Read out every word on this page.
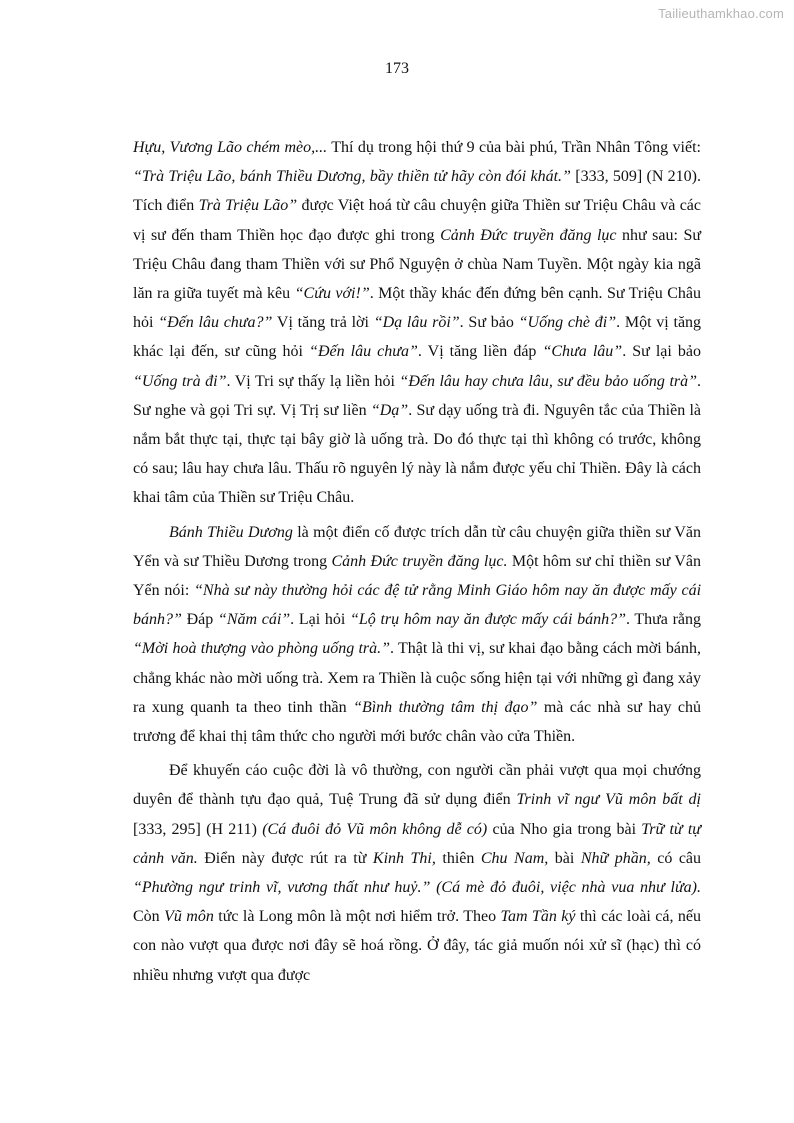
Tailieuthamkhao.com
173

Hựu, Vương Lão chém mèo,... Thí dụ trong hội thứ 9 của bài phú, Trần Nhân Tông viết: “Trà Triệu Lão, bánh Thiều Dương, bầy thiền tử hãy còn đói khát.” [333, 509] (N 210). Tích điển Trà Triệu Lão” được Việt hoá từ câu chuyện giữa Thiền sư Triệu Châu và các vị sư đến tham Thiền học đạo được ghi trong Cảnh Đức truyền đăng lục như sau: Sư Triệu Châu đang tham Thiền với sư Phổ Nguyện ở chùa Nam Tuyền. Một ngày kia ngã lăn ra giữa tuyết mà kêu “Cứu với!”. Một thầy khác đến đứng bên cạnh. Sư Triệu Châu hỏi “Đến lâu chưa?” Vị tăng trả lời “Dạ lâu rồi”. Sư bảo “Uống chè đi”. Một vị tăng khác lại đến, sư cũng hỏi “Đến lâu chưa”. Vị tăng liền đáp “Chưa lâu”. Sư lại bảo “Uống trà đi”. Vị Tri sự thấy lạ liền hỏi “Đến lâu hay chưa lâu, sư đều bảo uống trà”. Sư nghe và gọi Tri sự. Vị Trị sư liền “Dạ”. Sư dạy uống trà đi. Nguyên tắc của Thiền là nắm bắt thực tại, thực tại bây giờ là uống trà. Do đó thực tại thì không có trước, không có sau; lâu hay chưa lâu. Thấu rõ nguyên lý này là nắm được yếu chỉ Thiền. Đây là cách khai tâm của Thiền sư Triệu Châu.

Bánh Thiều Dương là một điển cố được trích dẫn từ câu chuyện giữa thiền sư Văn Yển và sư Thiều Dương trong Cảnh Đức truyền đăng lục. Một hôm sư chỉ thiền sư Vân Yển nói: “Nhà sư này thường hỏi các đệ tử rằng Minh Giáo hôm nay ăn được mấy cái bánh?” Đáp “Năm cái”. Lại hỏi “Lộ trụ hôm nay ăn được mấy cái bánh?”. Thưa rằng “Mời hoà thượng vào phòng uống trà.”. Thật là thi vị, sư khai đạo bằng cách mời bánh, chẳng khác nào mời uống trà. Xem ra Thiền là cuộc sống hiện tại với những gì đang xảy ra xung quanh ta theo tinh thần “Bình thường tâm thị đạo” mà các nhà sư hay chủ trương để khai thị tâm thức cho người mới bước chân vào cửa Thiền.

Để khuyến cáo cuộc đời là vô thường, con người cần phải vượt qua mọi chướng duyên để thành tựu đạo quả, Tuệ Trung đã sử dụng điển Trinh vĩ ngư Vũ môn bất dị [333, 295] (H 211) (Cá đuôi đỏ Vũ môn không dễ có) của Nho gia trong bài Trữ từ tự cảnh văn. Điển này được rút ra từ Kinh Thi, thiên Chu Nam, bài Nhữ phần, có câu “Phường ngư trinh vĩ, vương thất như huỷ.” (Cá mè đỏ đuôi, việc nhà vua như lửa). Còn Vũ môn tức là Long môn là một nơi hiểm trở. Theo Tam Tần ký thì các loài cá, nếu con nào vượt qua được nơi đây sẽ hoá rồng. Ở đây, tác giả muốn nói xử sĩ (hạc) thì có nhiều nhưng vượt qua được
